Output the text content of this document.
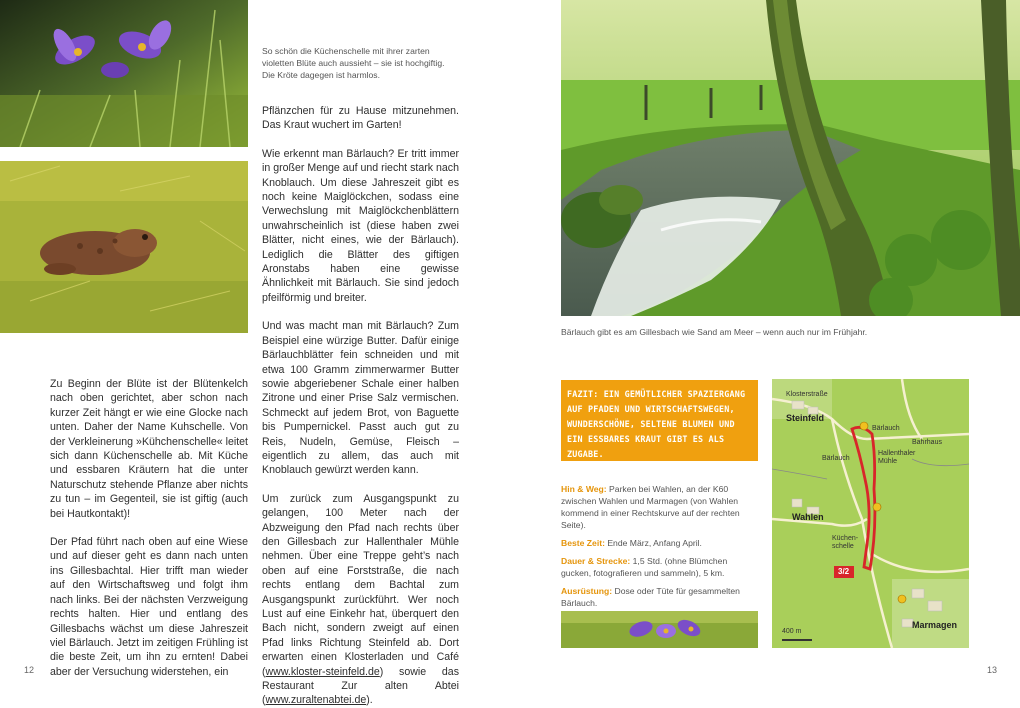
So schön die Küchenschelle mit ihrer zarten violetten Blüte auch aussieht – sie ist hochgiftig. Die Kröte dagegen ist harmlos.

Zu Beginn der Blüte ist der Blütenkelch nach oben gerichtet, aber schon nach kurzer Zeit hängt er wie eine Glocke nach unten. Daher der Name Kuhschelle. Von der Verkleinerung »Kühchenschelle« leitet sich dann Küchenschelle ab. Mit Küche und essbaren Kräutern hat die unter Naturschutz stehende Pflanze aber nichts zu tun – im Gegenteil, sie ist giftig (auch bei Hautkontakt)!

Der Pfad führt nach oben auf eine Wiese und auf dieser geht es dann nach unten ins Gillesbachtal. Hier trifft man wieder auf den Wirtschaftsweg und folgt ihm nach links. Bei der nächsten Verzweigung rechts halten. Hier und entlang des Gillesbachs wächst um diese Jahreszeit viel Bärlauch. Jetzt im zeitigen Frühling ist die beste Zeit, um ihn zu ernten! Dabei aber der Versuchung widerstehen, ein

Pflänzchen für zu Hause mitzunehmen. Das Kraut wuchert im Garten!

Wie erkennt man Bärlauch? Er tritt immer in großer Menge auf und riecht stark nach Knoblauch. Um diese Jahreszeit gibt es noch keine Maiglöckchen, sodass eine Verwechslung mit Maiglöckchenblättern unwahrscheinlich ist (diese haben zwei Blätter, nicht eines, wie der Bärlauch). Lediglich die Blätter des giftigen Aronstabs haben eine gewisse Ähnlichkeit mit Bärlauch. Sie sind jedoch pfeilförmig und breiter.

Und was macht man mit Bärlauch? Zum Beispiel eine würzige Butter. Dafür einige Bärlauchblätter fein schneiden und mit etwa 100 Gramm zimmerwarmer Butter sowie abgeriebener Schale einer halben Zitrone und einer Prise Salz vermischen. Schmeckt auf jedem Brot, von Baguette bis Pumpernickel. Passt auch gut zu Reis, Nudeln, Gemüse, Fleisch – eigentlich zu allem, das auch mit Knoblauch gewürzt werden kann.

Um zurück zum Ausgangspunkt zu gelangen, 100 Meter nach der Abzweigung den Pfad nach rechts über den Gillesbach zur Hallenthaler Mühle nehmen. Über eine Treppe geht’s nach oben auf eine Forststraße, die nach rechts entlang dem Bachtal zum Ausgangspunkt zurückführt. Wer noch Lust auf eine Einkehr hat, überquert den Bach nicht, sondern zweigt auf einen Pfad links Richtung Steinfeld ab. Dort erwarten einen Klosterladen und Café (www.kloster-steinfeld.de) sowie das Restaurant Zur alten Abtei (www.zuraltenabtei.de).

12
Bärlauch gibt es am Gillesbach wie Sand am Meer – wenn auch nur im Frühjahr.
FAZIT: EIN GEMÜTLICHER SPAZIERGANG AUF PFADEN UND WIRTSCHAFTSWEGEN, WUNDERSCHÖNE, SELTENE BLUMEN UND EIN ESSBARES KRAUT GIBT ES ALS ZUGABE.

Hin & Weg: Parken bei Wahlen, an der K60 zwischen Wahlen und Marmagen (von Wahlen kommend in einer Rechtskurve auf der rechten Seite).

Beste Zeit: Ende März, Anfang April.

Dauer & Strecke: 1,5 Std. (ohne Blümchen gucken, fotografieren und sammeln), 5 km.

Ausrüstung: Dose oder Tüte für gesammelten Bärlauch.

Steinfeld
Wahlen
Marmagen
Bärlauch
Bärlauch
Hallenthaler Mühle
Bahrhaus
Küchen- schelle
Klosterstraße
3/2
400 m
13
